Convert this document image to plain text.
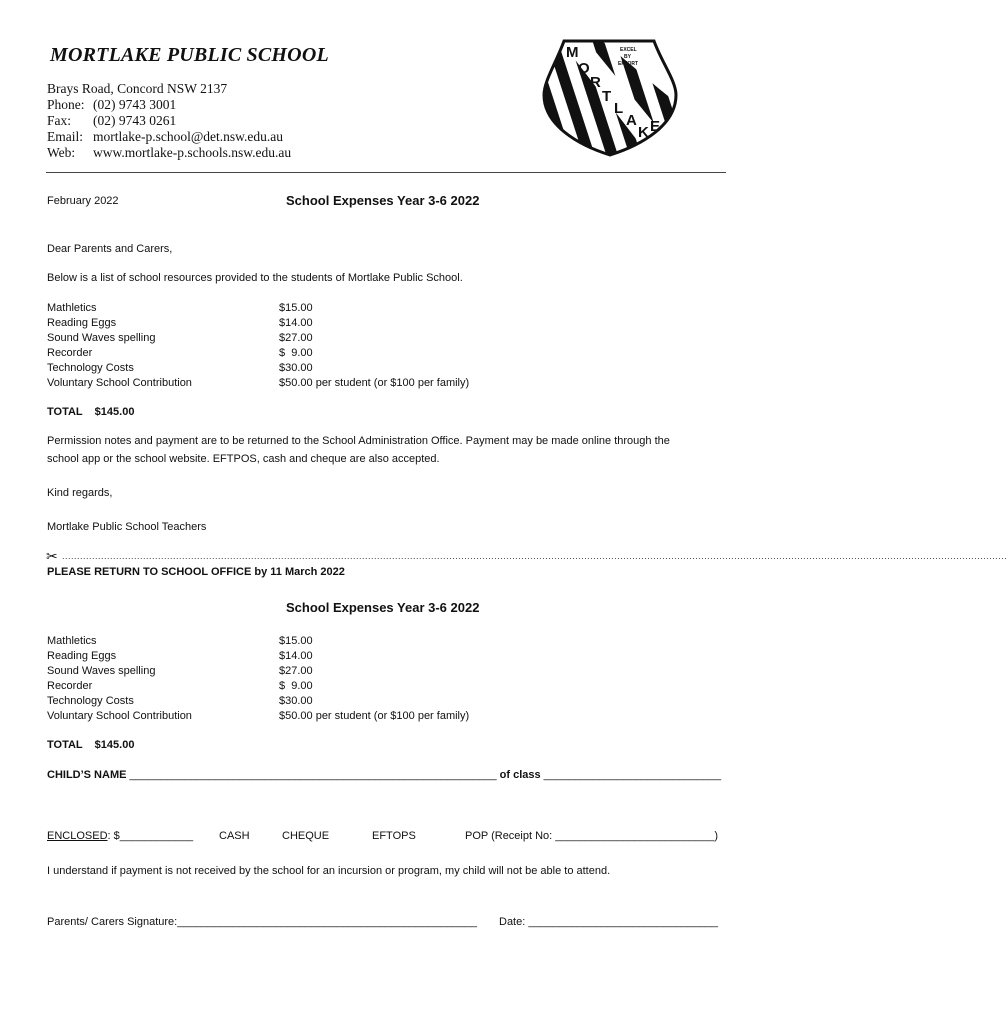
MORTLAKE PUBLIC SCHOOL
Brays Road, Concord NSW 2137
Phone: (02) 9743 3001
Fax: (02) 9743 0261
Email: mortlake-p.school@det.nsw.edu.au
Web: www.mortlake-p.schools.nsw.edu.au
M
O
R
T
L
A
K E
EXCEL
BY
EFFORT
February 2022	School Expenses Year 3-6 2022
Dear Parents and Carers,
Below is a list of school resources provided to the students of Mortlake Public School.
Mathletics	$15.00
Reading Eggs	$14.00
Sound Waves spelling	$27.00
Recorder	$  9.00
Technology Costs	$30.00
Voluntary School Contribution	$50.00 per student (or $100 per family)
TOTAL    $145.00
Permission notes and payment are to be returned to the School Administration Office. Payment may be made online through the
school app or the school website. EFTPOS, cash and cheque are also accepted.
Kind regards,
Mortlake Public School Teachers
✂ ...........................................................................................................................................................................................................................................................................................................................
PLEASE RETURN TO SCHOOL OFFICE by 11 March 2022
School Expenses Year 3-6 2022
Mathletics	$15.00
Reading Eggs	$14.00
Sound Waves spelling	$27.00
Recorder	$  9.00
Technology Costs	$30.00
Voluntary School Contribution	$50.00 per student (or $100 per family)
TOTAL    $145.00
CHILD’S NAME ____________________________________________________________ of class _____________________________
ENCLOSED: $____________ CASH	CHEQUE	EFTOPS	POP (Receipt No: __________________________)
I understand if payment is not received by the school for an incursion or program, my child will not be able to attend.
Parents/ Carers Signature:_________________________________________________ Date: _______________________________
